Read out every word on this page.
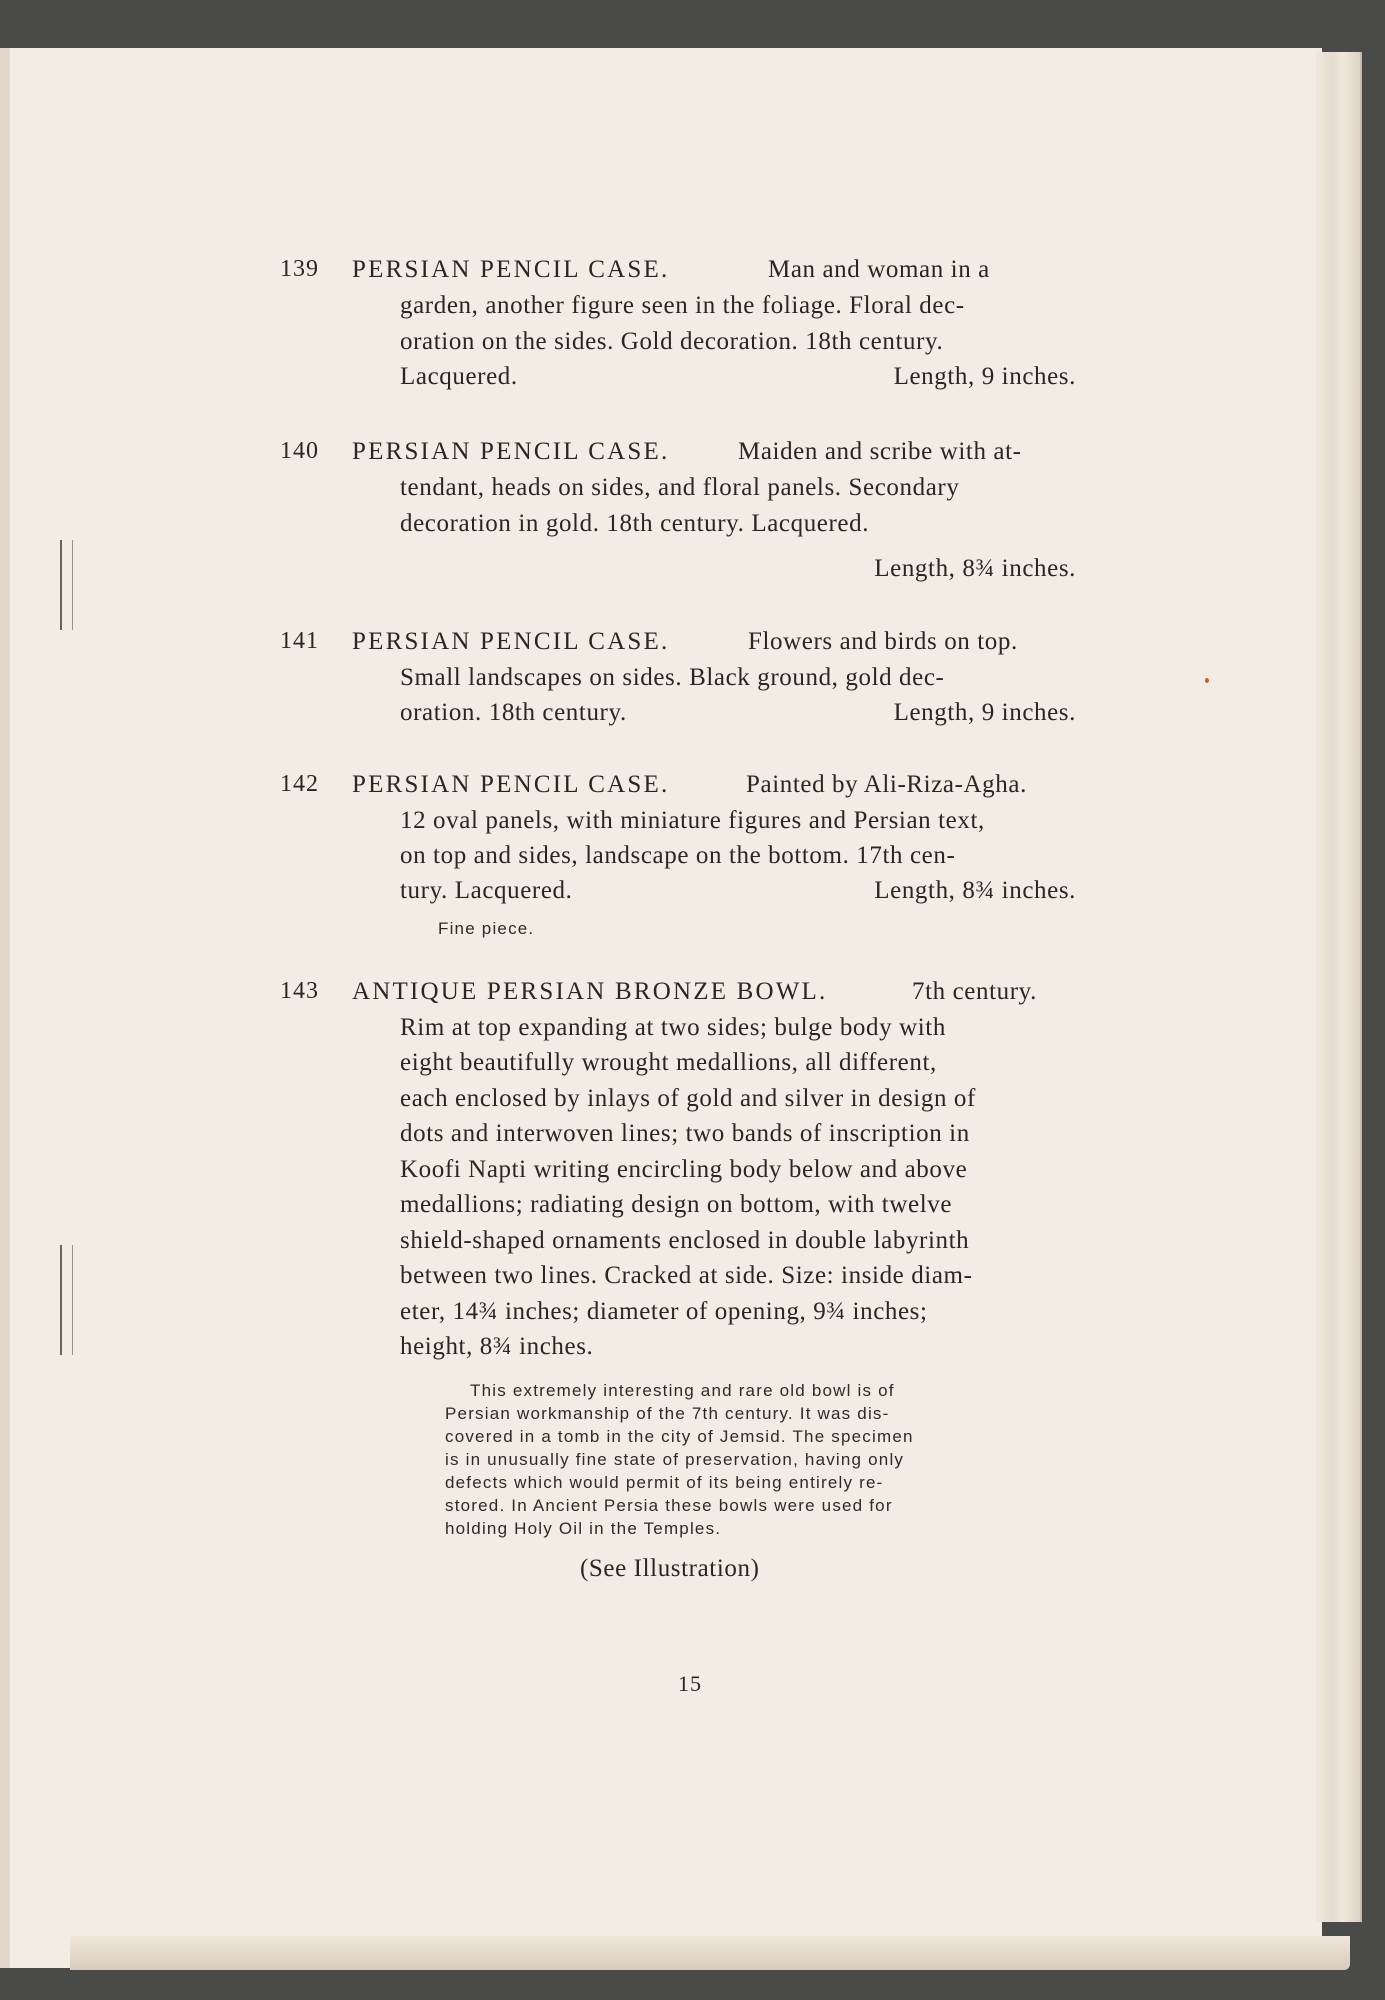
139 PERSIAN PENCIL CASE.	Man and woman in a
garden, another figure seen in the foliage. Floral dec-
oration on the sides. Gold decoration. 18th century.
Lacquered.	Length, 9 inches.
140 PERSIAN PENCIL CASE.	Maiden and scribe with at-
tendant, heads on sides, and floral panels. Secondary
decoration in gold. 18th century. Lacquered.
Length, 8¾ inches.
141 PERSIAN PENCIL CASE.	Flowers and birds on top.
Small landscapes on sides. Black ground, gold dec-
oration. 18th century.	Length, 9 inches.
142 PERSIAN PENCIL CASE.	Painted by Ali-Riza-Agha.
12 oval panels, with miniature figures and Persian text,
on top and sides, landscape on the bottom. 17th cen-
tury. Lacquered.	Length, 8¾ inches.
Fine piece.
143 ANTIQUE PERSIAN BRONZE BOWL.	7th century.
Rim at top expanding at two sides; bulge body with
eight beautifully wrought medallions, all different,
each enclosed by inlays of gold and silver in design of
dots and interwoven lines; two bands of inscription in
Koofi Napti writing encircling body below and above
medallions; radiating design on bottom, with twelve
shield-shaped ornaments enclosed in double labyrinth
between two lines. Cracked at side. Size: inside diam-
eter, 14¾ inches; diameter of opening, 9¾ inches;
height, 8¾ inches.
This extremely interesting and rare old bowl is of
Persian workmanship of the 7th century. It was dis-
covered in a tomb in the city of Jemsid. The specimen
is in unusually fine state of preservation, having only
defects which would permit of its being entirely re-
stored. In Ancient Persia these bowls were used for
holding Holy Oil in the Temples.
(See Illustration)
15
